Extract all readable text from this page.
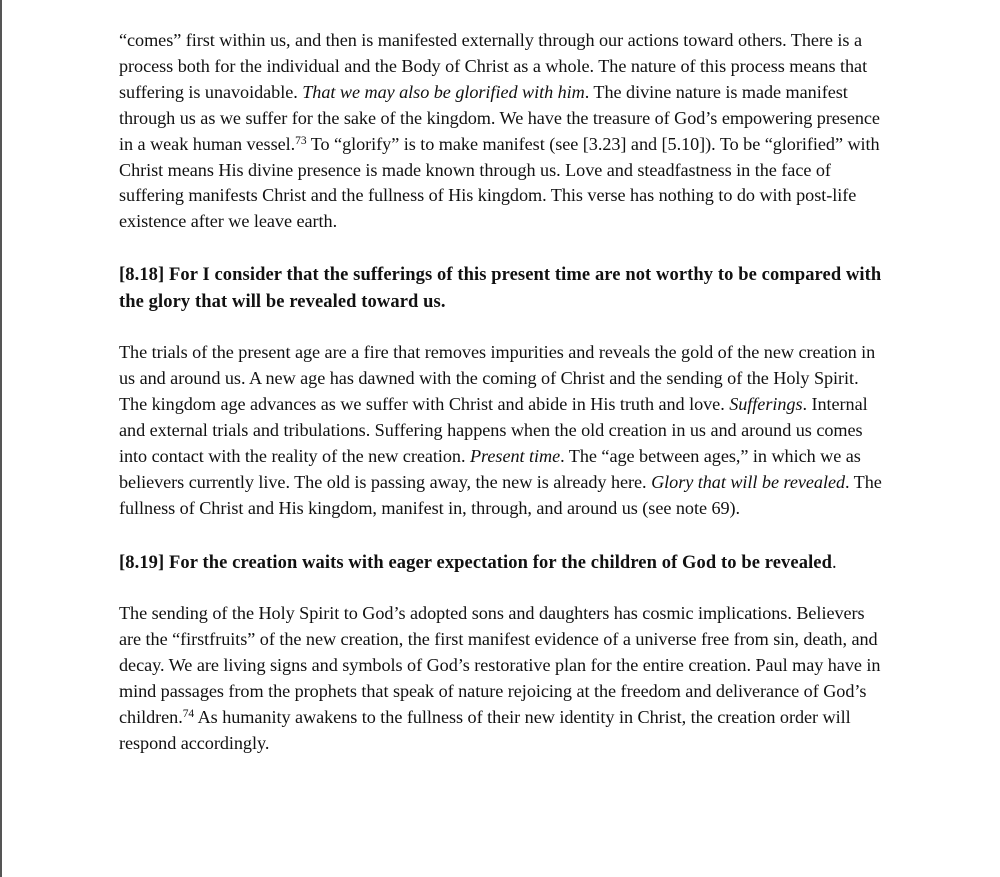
“comes” first within us, and then is manifested externally through our actions toward others. There is a process both for the individual and the Body of Christ as a whole. The nature of this process means that suffering is unavoidable. That we may also be glorified with him. The divine nature is made manifest through us as we suffer for the sake of the kingdom. We have the treasure of God’s empowering presence in a weak human vessel.$^{73}$ To “glorify” is to make manifest (see [3.23] and [5.10]). To be “glorified” with Christ means His divine presence is made known through us. Love and steadfastness in the face of suffering manifests Christ and the fullness of His kingdom. This verse has nothing to do with post-life existence after we leave earth.

[8.18] For I consider that the sufferings of this present time are not worthy to be compared with the glory that will be revealed toward us.

The trials of the present age are a fire that removes impurities and reveals the gold of the new creation in us and around us. A new age has dawned with the coming of Christ and the sending of the Holy Spirit. The kingdom age advances as we suffer with Christ and abide in His truth and love. Sufferings. Internal and external trials and tribulations. Suffering happens when the old creation in us and around us comes into contact with the reality of the new creation. Present time. The “age between ages,” in which we as believers currently live. The old is passing away, the new is already here. Glory that will be revealed. The fullness of Christ and His kingdom, manifest in, through, and around us (see note 69).

[8.19] For the creation waits with eager expectation for the children of God to be revealed.

The sending of the Holy Spirit to God’s adopted sons and daughters has cosmic implications. Believers are the “firstfruits” of the new creation, the first manifest evidence of a universe free from sin, death, and decay. We are living signs and symbols of God’s restorative plan for the entire creation. Paul may have in mind passages from the prophets that speak of nature rejoicing at the freedom and deliverance of God’s children.$^{74}$ As humanity awakens to the fullness of their new identity in Christ, the creation order will respond accordingly.
